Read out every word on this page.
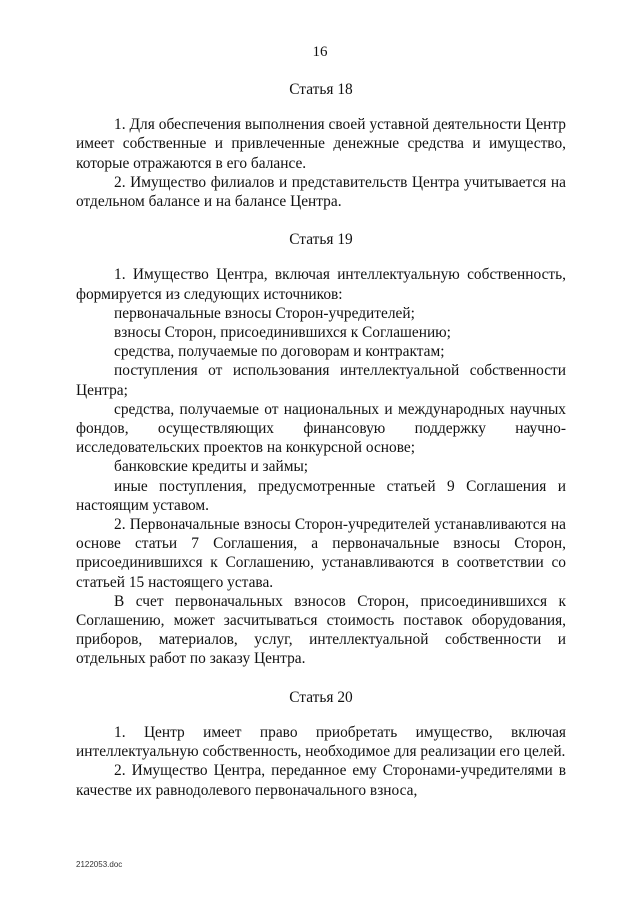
16
Статья 18

1. Для обеспечения выполнения своей уставной деятельности Центр имеет собственные и привлеченные денежные средства и имущество, которые отражаются в его балансе.

2. Имущество филиалов и представительств Центра учитывается на отдельном балансе и на балансе Центра.

Статья 19

1. Имущество Центра, включая интеллектуальную собственность, формируется из следующих источников:

первоначальные взносы Сторон-учредителей;

взносы Сторон, присоединившихся к Соглашению;

средства, получаемые по договорам и контрактам;

поступления от использования интеллектуальной собственности Центра;

средства, получаемые от национальных и международных научных фондов, осуществляющих финансовую поддержку научно-исследовательских проектов на конкурсной основе;

банковские кредиты и займы;

иные поступления, предусмотренные статьей 9 Соглашения и настоящим уставом.

2. Первоначальные взносы Сторон-учредителей устанавливаются на основе статьи 7 Соглашения, а первоначальные взносы Сторон, присоединившихся к Соглашению, устанавливаются в соответствии со статьей 15 настоящего устава.

В счет первоначальных взносов Сторон, присоединившихся к Соглашению, может засчитываться стоимость поставок оборудования, приборов, материалов, услуг, интеллектуальной собственности и отдельных работ по заказу Центра.

Статья 20

1. Центр имеет право приобретать имущество, включая интеллектуальную собственность, необходимое для реализации его целей.

2. Имущество Центра, переданное ему Сторонами-учредителями в качестве их равнодолевого первоначального взноса,

2122053.doc
